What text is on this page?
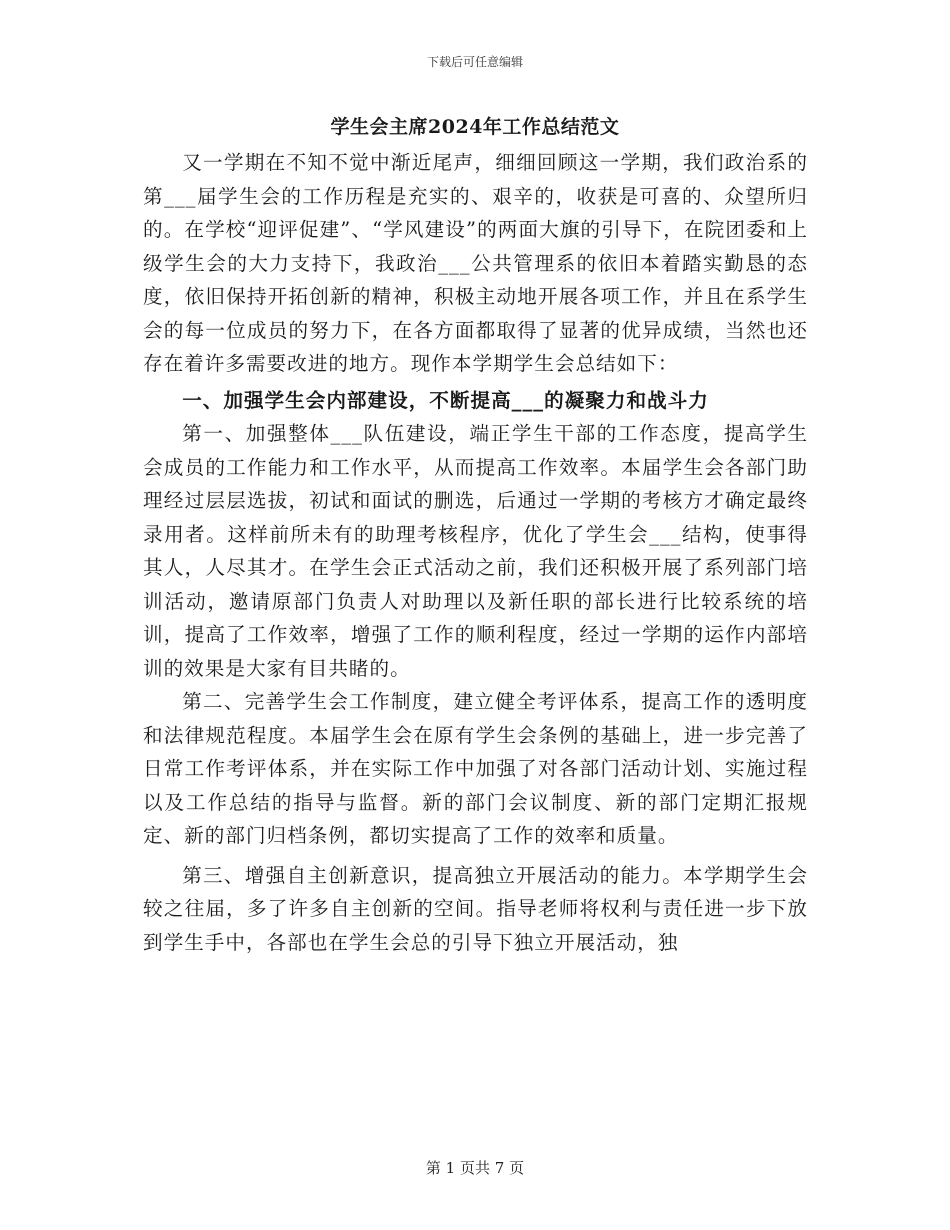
下载后可任意编辑
学生会主席2024年工作总结范文

又一学期在不知不觉中渐近尾声，细细回顾这一学期，我们政治系的第___届学生会的工作历程是充实的、艰辛的，收获是可喜的、众望所归的。在学校“迎评促建”、“学风建设”的两面大旗的引导下，在院团委和上级学生会的大力支持下，我政治___公共管理系的依旧本着踏实勤恳的态度，依旧保持开拓创新的精神，积极主动地开展各项工作，并且在系学生会的每一位成员的努力下，在各方面都取得了显著的优异成绩，当然也还存在着许多需要改进的地方。现作本学期学生会总结如下：

一、加强学生会内部建设，不断提高___的凝聚力和战斗力

第一、加强整体___队伍建设，端正学生干部的工作态度，提高学生会成员的工作能力和工作水平，从而提高工作效率。本届学生会各部门助理经过层层选拔，初试和面试的删选，后通过一学期的考核方才确定最终录用者。这样前所未有的助理考核程序，优化了学生会___结构，使事得其人，人尽其才。在学生会正式活动之前，我们还积极开展了系列部门培训活动，邀请原部门负责人对助理以及新任职的部长进行比较系统的培训，提高了工作效率，增强了工作的顺利程度，经过一学期的运作内部培训的效果是大家有目共睹的。

第二、完善学生会工作制度，建立健全考评体系，提高工作的透明度和法律规范程度。本届学生会在原有学生会条例的基础上，进一步完善了日常工作考评体系，并在实际工作中加强了对各部门活动计划、实施过程以及工作总结的指导与监督。新的部门会议制度、新的部门定期汇报规定、新的部门归档条例，都切实提高了工作的效率和质量。

第三、增强自主创新意识，提高独立开展活动的能力。本学期学生会较之往届，多了许多自主创新的空间。指导老师将权利与责任进一步下放到学生手中，各部也在学生会总的引导下独立开展活动，独

第 1 页共 7 页
